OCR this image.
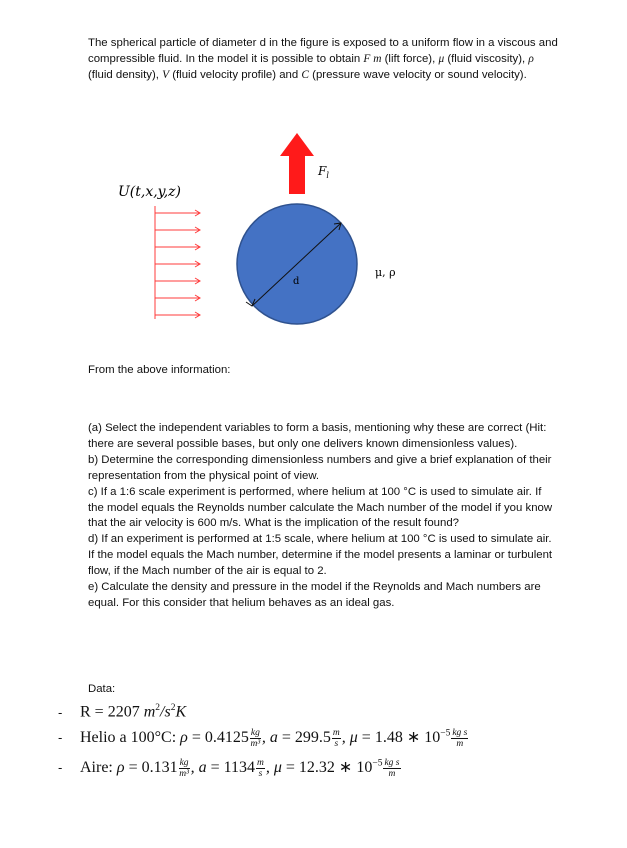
The spherical particle of diameter d in the figure is exposed to a uniform flow in a viscous and compressible fluid. In the model it is possible to obtain F m (lift force), μ (fluid viscosity), ρ (fluid density), V (fluid velocity profile) and C (pressure wave velocity or sound velocity).

$F_l$
U(t,x,y,z)
d
μ, ρ

From the above information:

(a) Select the independent variables to form a basis, mentioning why these are correct (Hit: there are several possible bases, but only one delivers known dimensionless values).

b) Determine the corresponding dimensionless numbers and give a brief explanation of their representation from the physical point of view.

c) If a 1:6 scale experiment is performed, where helium at 100 °C is used to simulate air. If the model equals the Reynolds number calculate the Mach number of the model if you know that the air velocity is 600 m/s. What is the implication of the result found?

d) If an experiment is performed at 1:5 scale, where helium at 100 °C is used to simulate air. If the model equals the Mach number, determine if the model presents a laminar or turbulent flow, if the Mach number of the air is equal to 2.

e) Calculate the density and pressure in the model if the Reynolds and Mach numbers are equal. For this consider that helium behaves as an ideal gas.

Data:
-	R = 2207 $m^2/s^2K$
-	Helio a 100°C: $\rho = 0.4125 \frac{kg}{\text{m³}}$ , $a = 299.5 \frac{m}{s}$ , μ = 1.48 ∗ $10^{-5} \frac{\text{kg s}}{m}$
-	Aire: $\rho = 0.131 \frac{kg}{\text{m³}}$ , $a = 1134 \frac{m}{s}$ , μ = 12.32 ∗ $10^{-5} \frac{\text{kg s}}{m}$
